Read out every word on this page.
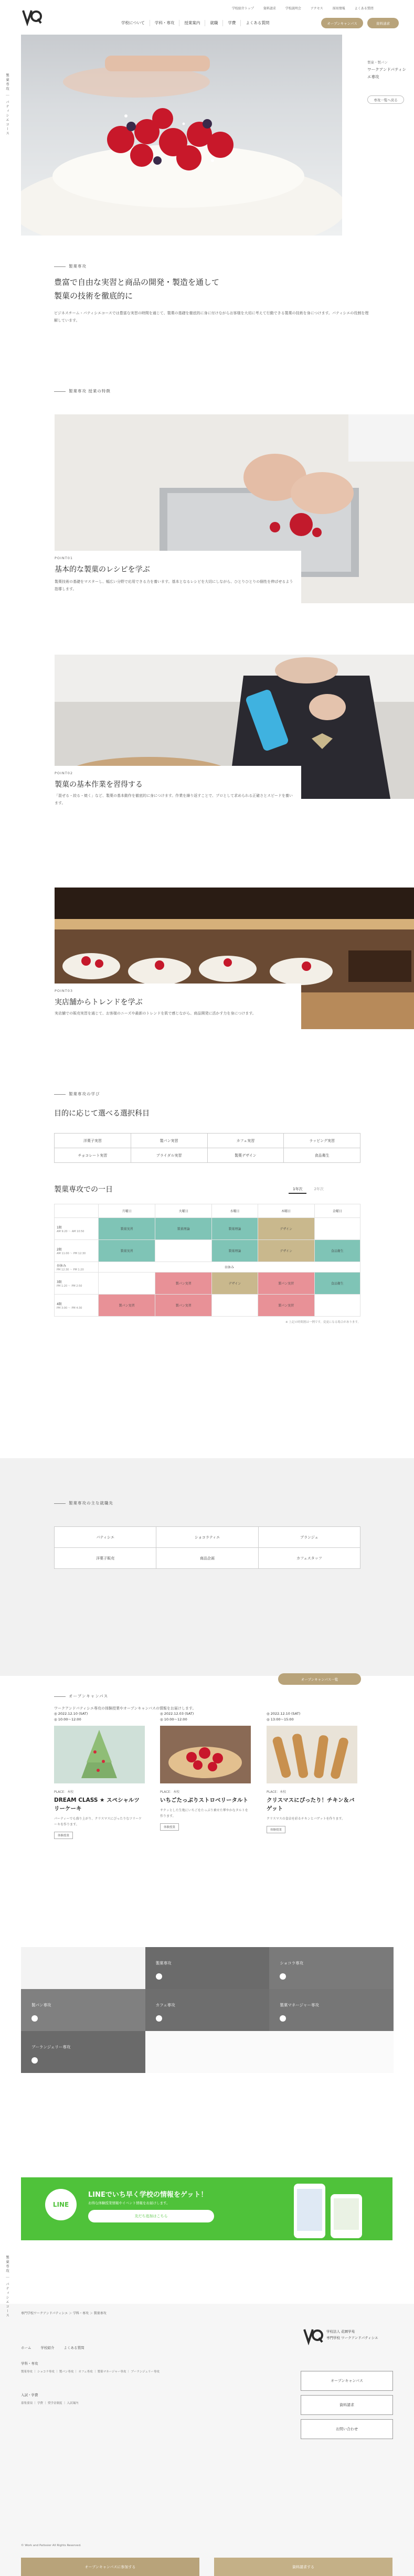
学校紹介トップ	資料請求	学校説明会	アクセス	採用情報	よくある質問
学校について	学科・専攻	授業案内	就職	学費	よくある質問	オープンキャンパス	資料請求
製菓専攻 ｜ パティシエコース
製菓・製パン
ワークアンドパティシエ専攻
専攻一覧へ戻る
製菓専攻
豊富で自由な実習と商品の開発・製造を通して
製菓の技術を徹底的に

ビジネスチーム・パティシエコースでは豊富な実習の時間を通じて、製菓の基礎を徹底的に身に付けながらお客様を大切に考えて行動できる製菓の技術を身につけます。パティシエの役割を理解しています。

製菓専攻 授業の特徴
POINT01
基本的な製菓のレシピを学ぶ

製菓技術の基礎をマスターし、幅広い分野で応用できる力を養います。基本となるレシピを大切にしながら、ひとりひとりの個性を伸ばせるよう指導します。

POINT02
製菓の基本作業を習得する

「混ぜる・絞る・焼く」など、製菓の基本動作を徹底的に身につけます。作業を繰り返すことで、プロとして求められる正確さとスピードを養います。

POINT03
実店舗からトレンドを学ぶ

実店舗での販売実習を通じて、お客様のニーズや最新のトレンドを肌で感じながら、商品開発に活かす力を身につけます。

製菓専攻の学び
目的に応じて選べる選択科目
洋菓子実習	製パン実習	カフェ実習	ラッピング実習
チョコレート実習	ブライダル実習	製菓デザイン	食品衛生
製菓専攻での一日	1年次	2年次
	月曜日	火曜日	水曜日	木曜日	金曜日

1限
AM 9:20 〜 AM 10:50	製菓実習	製菓理論	製菓理論	デザイン	

2限
AM 11:00 〜 PM 12:30	製菓実習		製菓理論	デザイン	食品衛生

昼休み
PM 12:30 〜 PM 1:20	昼休み				

3限
PM 1:20 〜 PM 2:50		製パン実習	デザイン	製パン実習	食品衛生

4限
PM 3:00 〜 PM 4:30	製パン実習	製パン実習		製パン実習	
※ 上記の時間割は一例です。変更になる場合があります。
製菓専攻の主な就職先
パティシエ	ショコラティエ	ブランジェ
洋菓子販売	商品企画	カフェスタッフ
オープンキャンパス

ワークアンドパティシエ専攻の体験授業やオープンキャンパスの情報をお届けします。

オープンキャンパス一覧
◎ 2022.12.10 (SAT)
◎ 10:00〜12:00
PLACE：本校
DREAM CLASS ★ スペシャルツリーケーキ
パーティーでも盛り上がり、クリスマスにぴったりなツリーケーキを作ります。
体験授業
◎ 2022.12.03 (SAT)
◎ 10:00〜12:00
PLACE：本校
いちごたっぷりストロベリータルト
サクッとした生地にいちごをたっぷり乗せた華やかなタルトを作ります。
体験授業
◎ 2022.12.10 (SAT)
◎ 13:00〜15:00
PLACE：本校
クリスマスにぴったり！チキン＆バゲット
クリスマスの食卓を彩るチキンとバゲットを作ります。
体験授業
製菓専攻	ショコラ専攻
製パン専攻	カフェ専攻	製菓マネージャー専攻
ブーランジェリー専攻
LINE
LINEでいち早く学校の情報をゲット！
お得な体験授業情報やイベント情報をお届けします。
友だち追加はこちら
製菓専攻 ｜ パティシエコース	専門学校ワークアンドパティシエ ＞ 学科・専攻 ＞ 製菓専攻
ホーム	学校紹介	よくある質問
学科・専攻
製菓専攻 ｜ ショコラ専攻 ｜ 製パン専攻 ｜ カフェ専攻 ｜ 製菓マネージャー専攻 ｜ ブーランジェリー専攻
入試・学費
募集要項 ｜ 学費 ｜ 奨学金制度 ｜ 入試案内
学校法人 花園学苑
専門学校 ワークアンドパティシエ
オープンキャンパス
資料請求
お問い合わせ
© Work and Patissier All Rights Reserved.
オープンキャンパスに参加する	資料請求する
